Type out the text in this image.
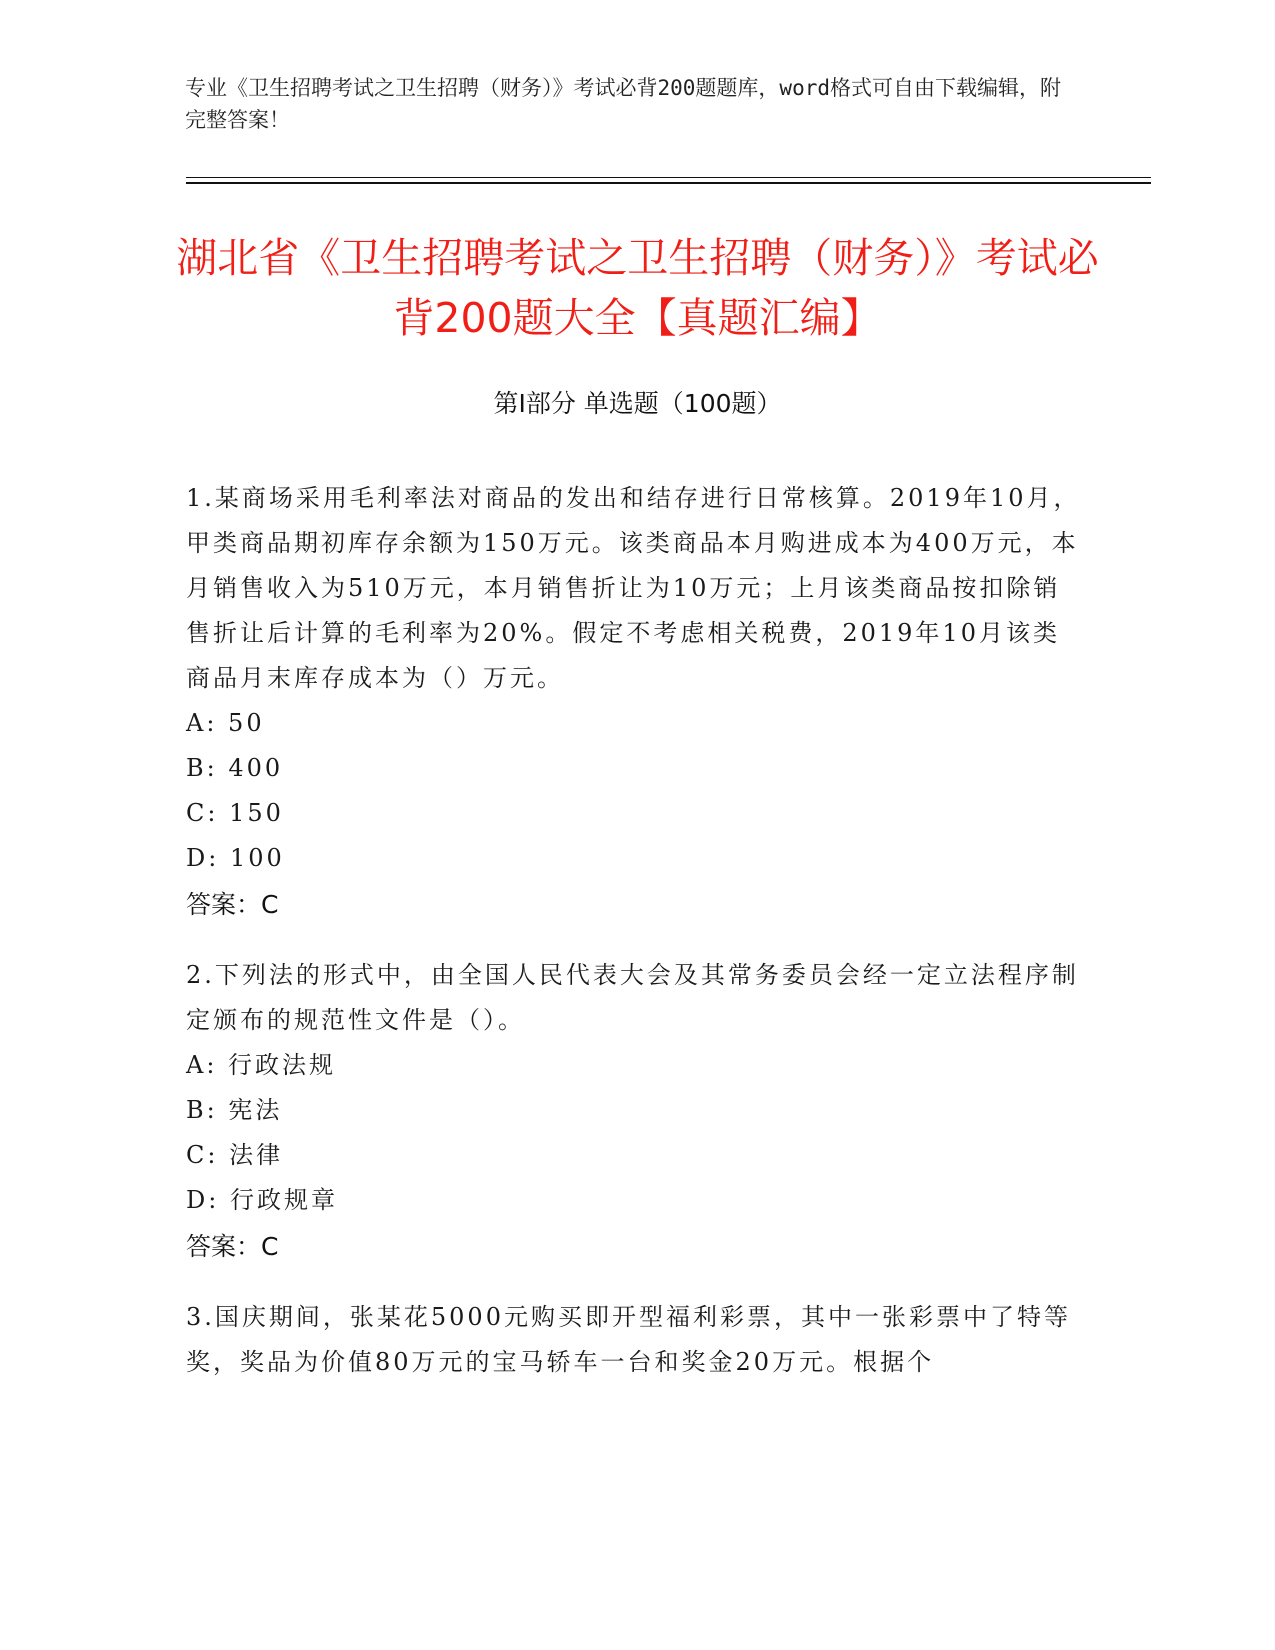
专业《卫生招聘考试之卫生招聘（财务）》考试必背200题题库，word格式可自由下载编辑，附完整答案！
湖北省《卫生招聘考试之卫生招聘（财务）》考试必背200题大全【真题汇编】
第I部分 单选题（100题）
1.某商场采用毛利率法对商品的发出和结存进行日常核算。2019年10月，甲类商品期初库存余额为150万元。该类商品本月购进成本为400万元，本月销售收入为510万元，本月销售折让为10万元；上月该类商品按扣除销售折让后计算的毛利率为20%。假定不考虑相关税费，2019年10月该类商品月末库存成本为（）万元。
A: 50
B: 400
C: 150
D: 100
答案：C
2.下列法的形式中，由全国人民代表大会及其常务委员会经一定立法程序制定颁布的规范性文件是（）。
A: 行政法规
B: 宪法
C: 法律
D: 行政规章
答案：C
3.国庆期间，张某花5000元购买即开型福利彩票，其中一张彩票中了特等奖，奖品为价值80万元的宝马轿车一台和奖金20万元。根据个
